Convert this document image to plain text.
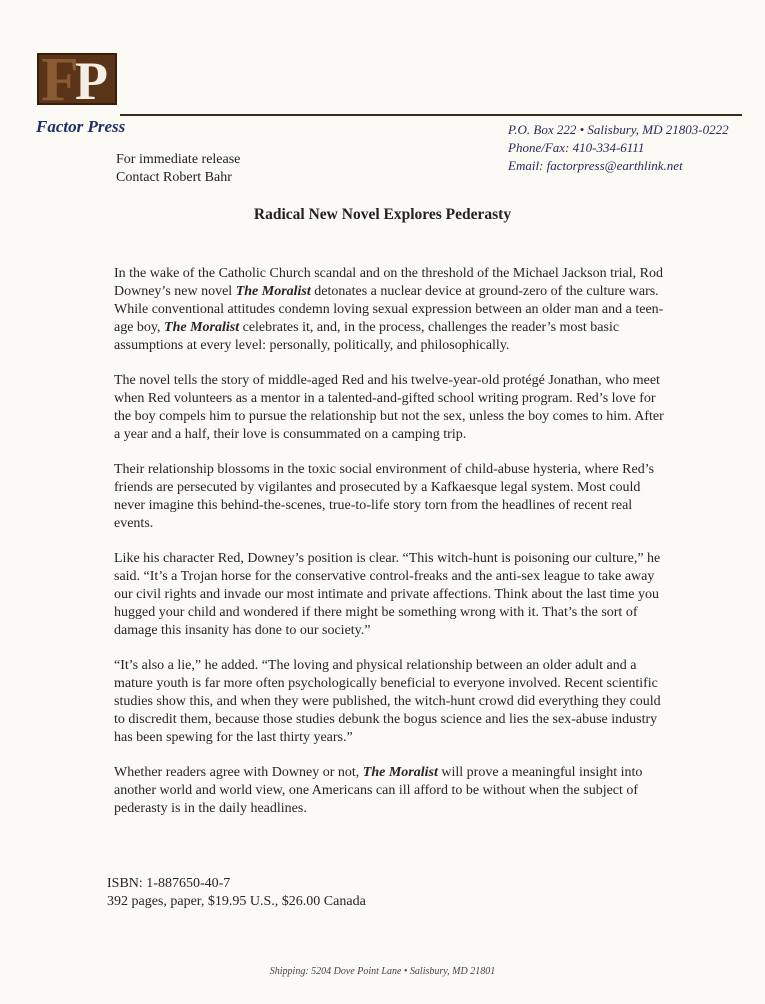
F
P
Factor Press	P.O. Box 222 • Salisbury, MD 21803-0222
Phone/Fax: 410-334-6111
Email: factorpress@earthlink.net
For immediate release
Contact Robert Bahr
Radical New Novel Explores Pederasty

In the wake of the Catholic Church scandal and on the threshold of the Michael Jackson trial, Rod Downey’s new novel The Moralist detonates a nuclear device at ground-zero of the culture wars. While conventional attitudes condemn loving sexual expression between an older man and a teen-age boy, The Moralist celebrates it, and, in the process, challenges the reader’s most basic assumptions at every level: personally, politically, and philosophically.

The novel tells the story of middle-aged Red and his twelve-year-old protégé Jonathan, who meet when Red volunteers as a mentor in a talented-and-gifted school writing program. Red’s love for the boy compels him to pursue the relationship but not the sex, unless the boy comes to him. After a year and a half, their love is consummated on a camping trip.

Their relationship blossoms in the toxic social environment of child-abuse hysteria, where Red’s friends are persecuted by vigilantes and prosecuted by a Kafkaesque legal system. Most could never imagine this behind-the-scenes, true-to-life story torn from the headlines of recent real events.

Like his character Red, Downey’s position is clear. “This witch-hunt is poisoning our culture,” he said. “It’s a Trojan horse for the conservative control-freaks and the anti-sex league to take away our civil rights and invade our most intimate and private affections. Think about the last time you hugged your child and wondered if there might be something wrong with it. That’s the sort of damage this insanity has done to our society.”

“It’s also a lie,” he added. “The loving and physical relationship between an older adult and a mature youth is far more often psychologically beneficial to everyone involved. Recent scientific studies show this, and when they were published, the witch-hunt crowd did everything they could to discredit them, because those studies debunk the bogus science and lies the sex-abuse industry has been spewing for the last thirty years.”

Whether readers agree with Downey or not, The Moralist will prove a meaningful insight into another world and world view, one Americans can ill afford to be without when the subject of pederasty is in the daily headlines.

ISBN: 1-887650-40-7
392 pages, paper, $19.95 U.S., $26.00 Canada
Shipping: 5204 Dove Point Lane • Salisbury, MD 21801
